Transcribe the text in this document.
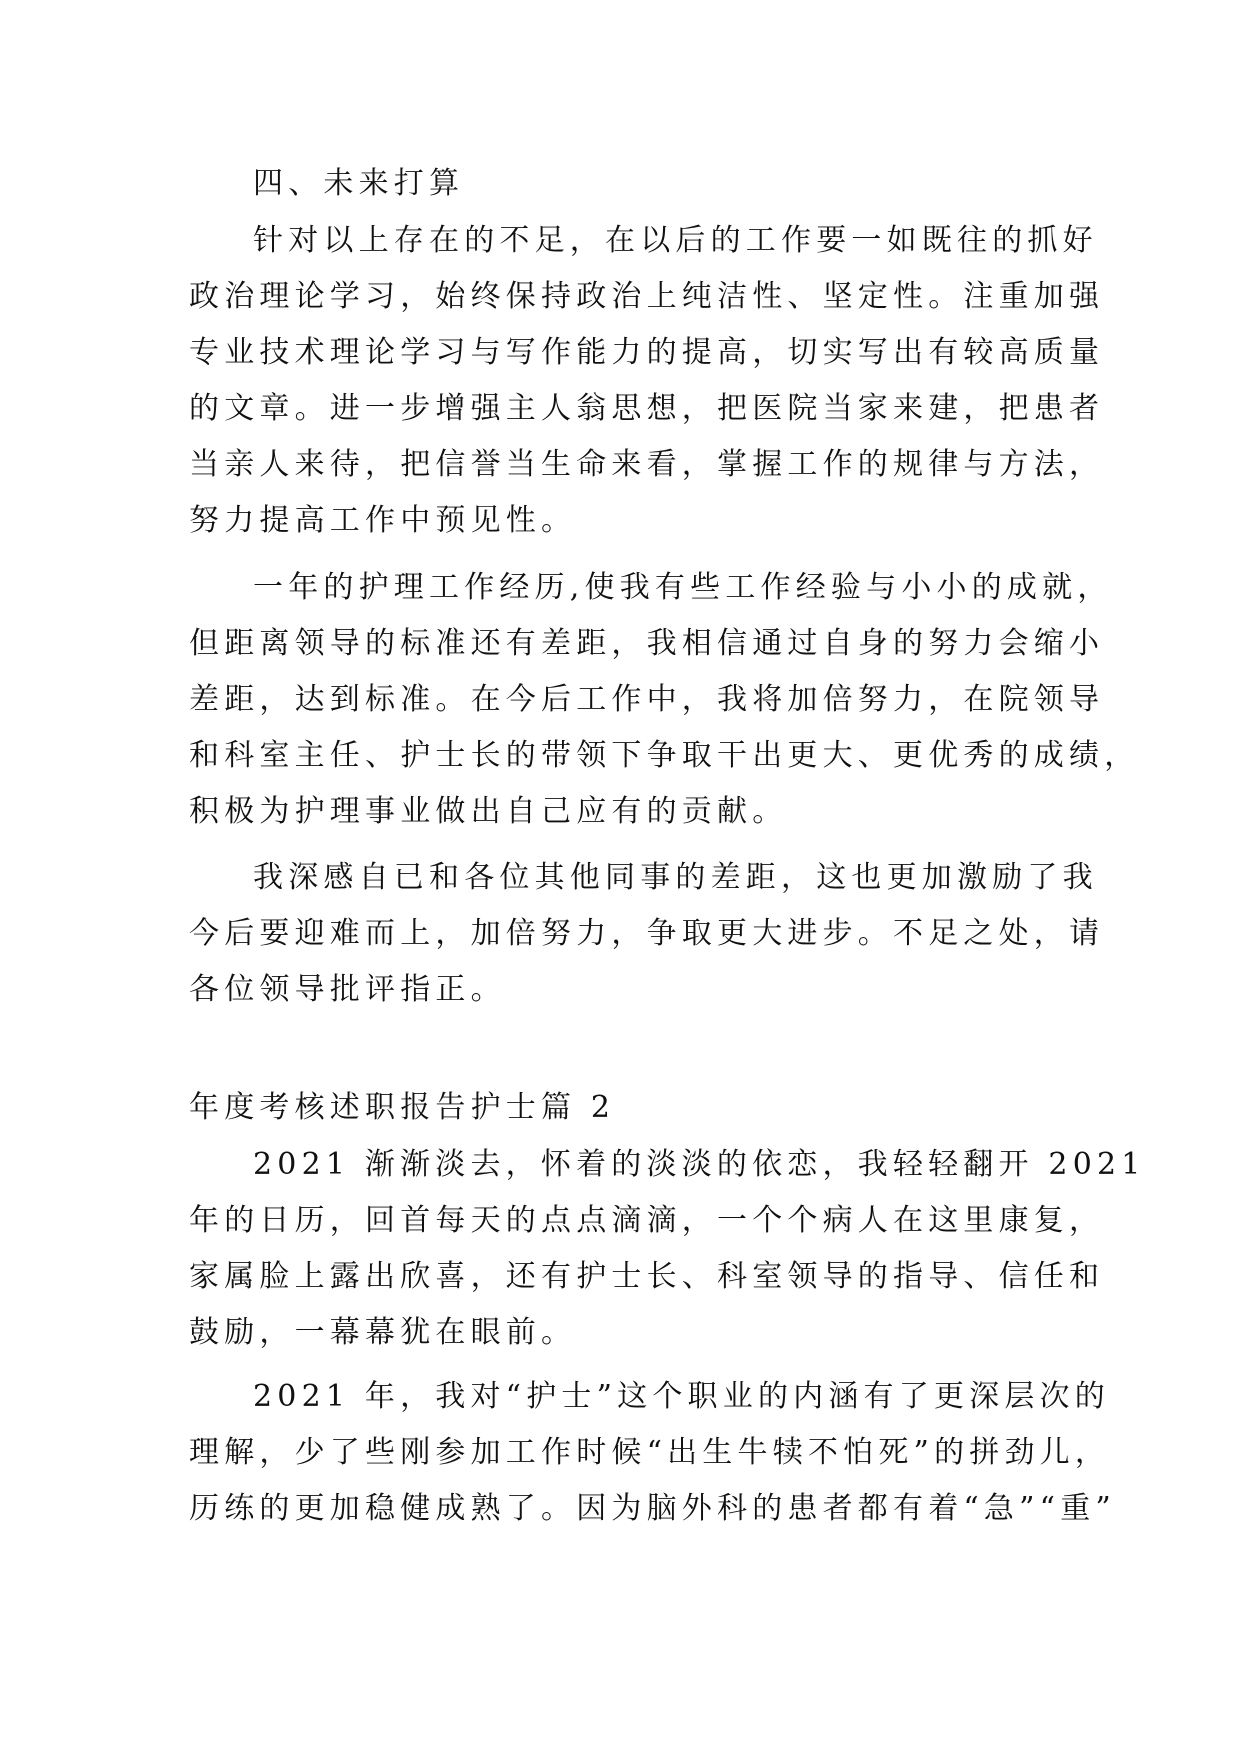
四、未来打算
针对以上存在的不足，在以后的工作要一如既往的抓好
政治理论学习，始终保持政治上纯洁性、坚定性。注重加强
专业技术理论学习与写作能力的提高，切实写出有较高质量
的文章。进一步增强主人翁思想，把医院当家来建，把患者
当亲人来待，把信誉当生命来看，掌握工作的规律与方法，
努力提高工作中预见性。
一年的护理工作经历,使我有些工作经验与小小的成就，
但距离领导的标准还有差距，我相信通过自身的努力会缩小
差距，达到标准。在今后工作中，我将加倍努力，在院领导
和科室主任、护士长的带领下争取干出更大、更优秀的成绩，
积极为护理事业做出自己应有的贡献。
我深感自已和各位其他同事的差距，这也更加激励了我
今后要迎难而上，加倍努力，争取更大进步。不足之处，请
各位领导批评指正。
年度考核述职报告护士篇 2
2021 渐渐淡去，怀着的淡淡的依恋，我轻轻翻开 2021
年的日历，回首每天的点点滴滴，一个个病人在这里康复，
家属脸上露出欣喜，还有护士长、科室领导的指导、信任和
鼓励，一幕幕犹在眼前。
2021 年，我对“护士”这个职业的内涵有了更深层次的
理解，少了些刚参加工作时候“出生牛犊不怕死”的拼劲儿，
历练的更加稳健成熟了。因为脑外科的患者都有着“急”“重”
